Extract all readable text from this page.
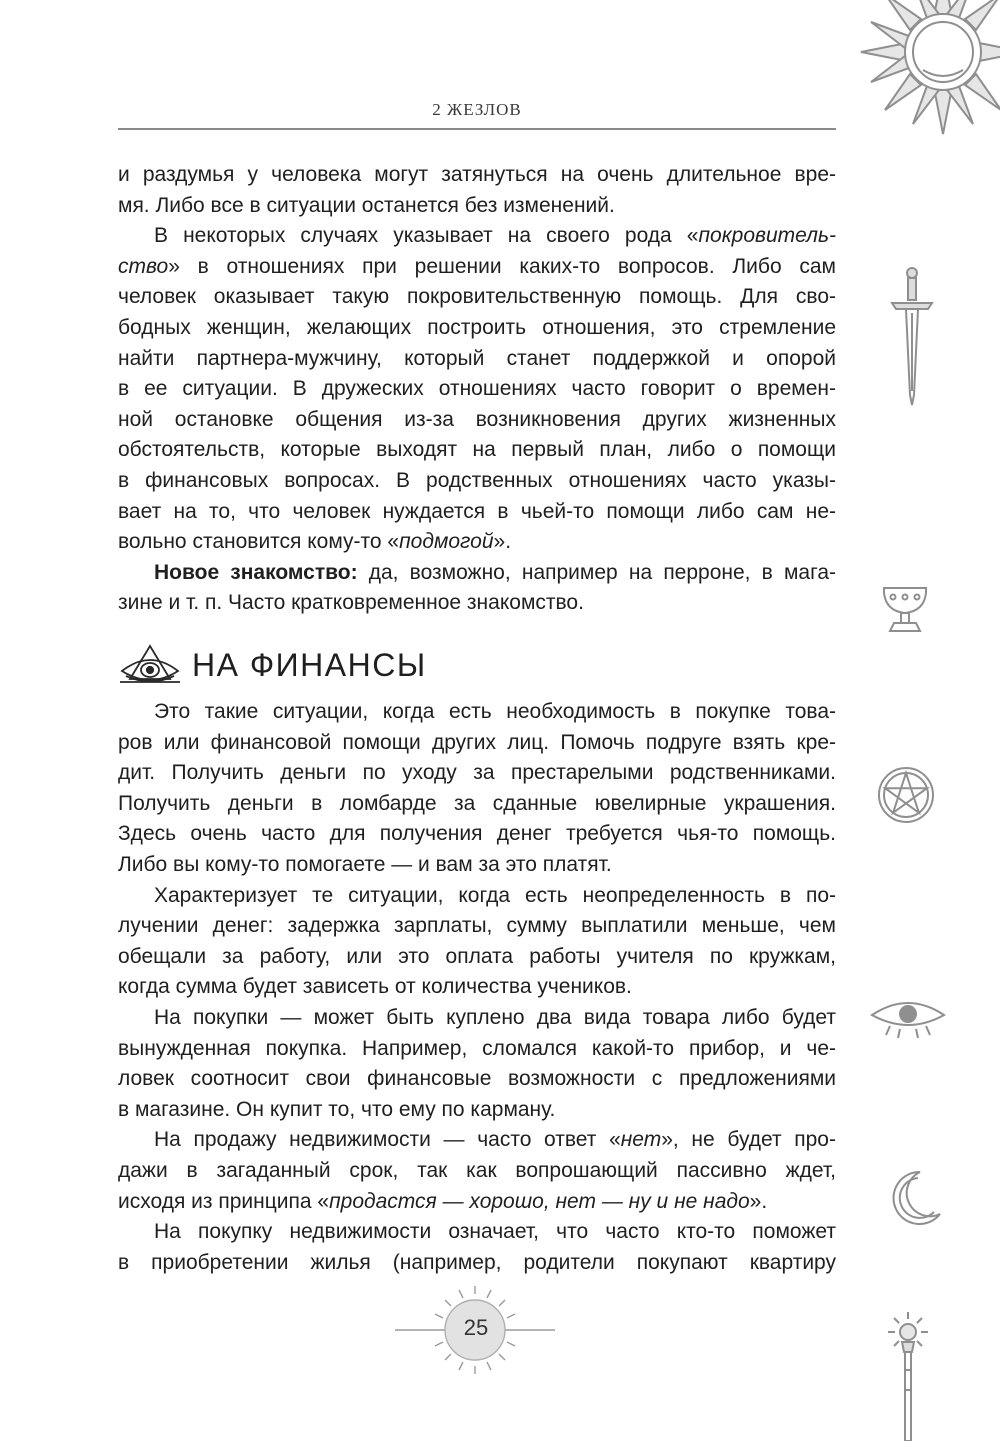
2 ЖЕЗЛОВ

и раздумья у человека могут затянуться на очень длительное вре-

мя. Либо все в ситуации останется без изменений.

В некоторых случаях указывает на своего рода «покровитель-

ство» в отношениях при решении каких-то вопросов. Либо сам

человек оказывает такую покровительственную помощь. Для сво-

бодных женщин, желающих построить отношения, это стремление

найти партнера-мужчину, который станет поддержкой и опорой

в ее ситуации. В дружеских отношениях часто говорит о времен-

ной остановке общения из-за возникновения других жизненных

обстоятельств, которые выходят на первый план, либо о помощи

в финансовых вопросах. В родственных отношениях часто указы-

вает на то, что человек нуждается в чьей-то помощи либо сам не-

вольно становится кому-то «подмогой».

Новое знакомство: да, возможно, например на перроне, в мага-

зине и т. п. Часто кратковременное знакомство.

НА ФИНАНСЫ

Это такие ситуации, когда есть необходимость в покупке това-

ров или финансовой помощи других лиц. Помочь подруге взять кре-

дит. Получить деньги по уходу за престарелыми родственниками.

Получить деньги в ломбарде за сданные ювелирные украшения.

Здесь очень часто для получения денег требуется чья-то помощь.

Либо вы кому-то помогаете — и вам за это платят.

Характеризует те ситуации, когда есть неопределенность в по-

лучении денег: задержка зарплаты, сумму выплатили меньше, чем

обещали за работу, или это оплата работы учителя по кружкам,

когда сумма будет зависеть от количества учеников.

На покупки — может быть куплено два вида товара либо будет

вынужденная покупка. Например, сломался какой-то прибор, и че-

ловек соотносит свои финансовые возможности с предложениями

в магазине. Он купит то, что ему по карману.

На продажу недвижимости — часто ответ «нет», не будет про-

дажи в загаданный срок, так как вопрошающий пассивно ждет,

исходя из принципа «продастся — хорошо, нет — ну и не надо».

На покупку недвижимости означает, что часто кто-то поможет

в приобретении жилья (например, родители покупают квартиру

25
